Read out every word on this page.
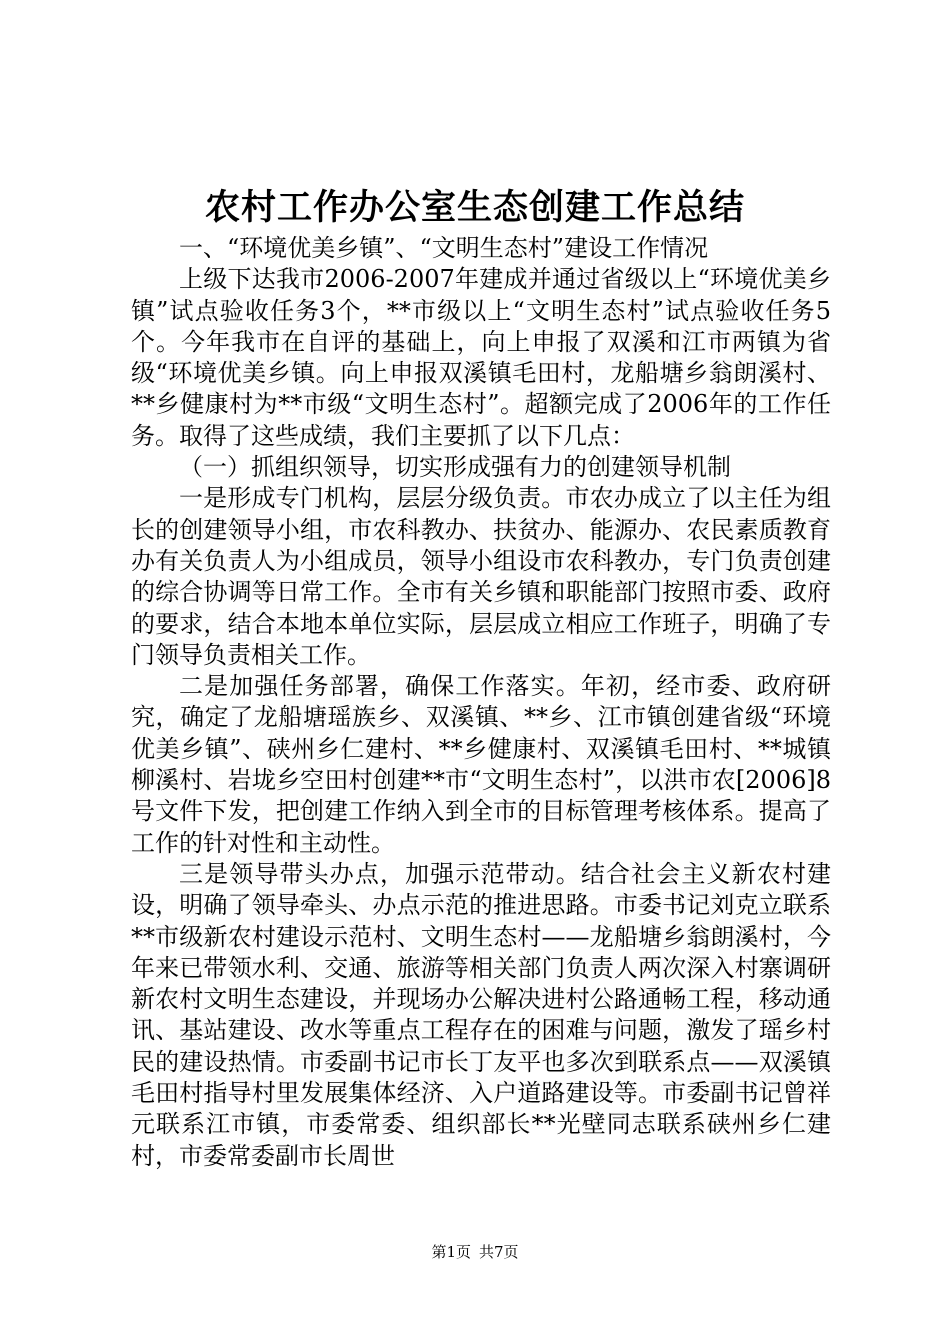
农村工作办公室生态创建工作总结

一、“环境优美乡镇”、“文明生态村”建设工作情况

上级下达我市2006-2007年建成并通过省级以上“环境优美乡镇”试点验收任务3个，**市级以上“文明生态村”试点验收任务5个。今年我市在自评的基础上，向上申报了双溪和江市两镇为省级“环境优美乡镇。向上申报双溪镇毛田村，龙船塘乡翁朗溪村、**乡健康村为**市级“文明生态村”。超额完成了2006年的工作任务。取得了这些成绩，我们主要抓了以下几点：

（一）抓组织领导，切实形成强有力的创建领导机制

一是形成专门机构，层层分级负责。市农办成立了以主任为组长的创建领导小组，市农科教办、扶贫办、能源办、农民素质教育办有关负责人为小组成员，领导小组设市农科教办，专门负责创建的综合协调等日常工作。全市有关乡镇和职能部门按照市委、政府的要求，结合本地本单位实际，层层成立相应工作班子，明确了专门领导负责相关工作。

二是加强任务部署，确保工作落实。年初，经市委、政府研究，确定了龙船塘瑶族乡、双溪镇、**乡、江市镇创建省级“环境优美乡镇”、硖州乡仁建村、**乡健康村、双溪镇毛田村、**城镇柳溪村、岩垅乡空田村创建**市“文明生态村”，以洪市农[2006]8号文件下发，把创建工作纳入到全市的目标管理考核体系。提高了工作的针对性和主动性。

三是领导带头办点，加强示范带动。结合社会主义新农村建设，明确了领导牵头、办点示范的推进思路。市委书记刘克立联系**市级新农村建设示范村、文明生态村——龙船塘乡翁朗溪村，今年来已带领水利、交通、旅游等相关部门负责人两次深入村寨调研新农村文明生态建设，并现场办公解决进村公路通畅工程，移动通讯、基站建设、改水等重点工程存在的困难与问题，激发了瑶乡村民的建设热情。市委副书记市长丁友平也多次到联系点——双溪镇毛田村指导村里发展集体经济、入户道路建设等。市委副书记曾祥元联系江市镇，市委常委、组织部长**光壁同志联系硖州乡仁建村，市委常委副市长周世

第1页 共7页
